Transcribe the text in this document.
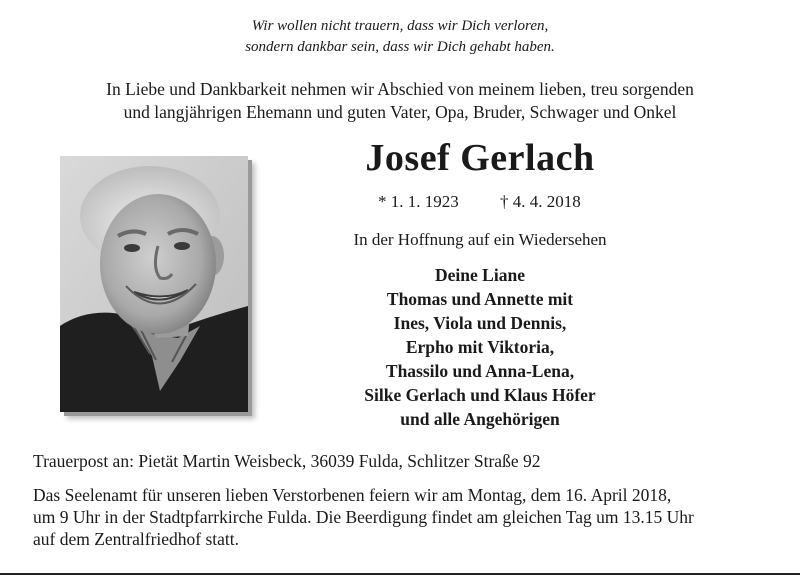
Wir wollen nicht trauern, dass wir Dich verloren,
sondern dankbar sein, dass wir Dich gehabt haben.
In Liebe und Dankbarkeit nehmen wir Abschied von meinem lieben, treu sorgenden
und langjährigen Ehemann und guten Vater, Opa, Bruder, Schwager und Onkel
Josef Gerlach
* 1. 1. 1923 † 4. 4. 2018
In der Hoffnung auf ein Wiedersehen
Deine Liane
Thomas und Annette mit
Ines, Viola und Dennis,
Erpho mit Viktoria,
Thassilo und Anna-Lena,
Silke Gerlach und Klaus Höfer
und alle Angehörigen
Trauerpost an: Pietät Martin Weisbeck, 36039 Fulda, Schlitzer Straße 92
Das Seelenamt für unseren lieben Verstorbenen feiern wir am Montag, dem 16. April 2018,
um 9 Uhr in der Stadtpfarrkirche Fulda. Die Beerdigung findet am gleichen Tag um 13.15 Uhr
auf dem Zentralfriedhof statt.
